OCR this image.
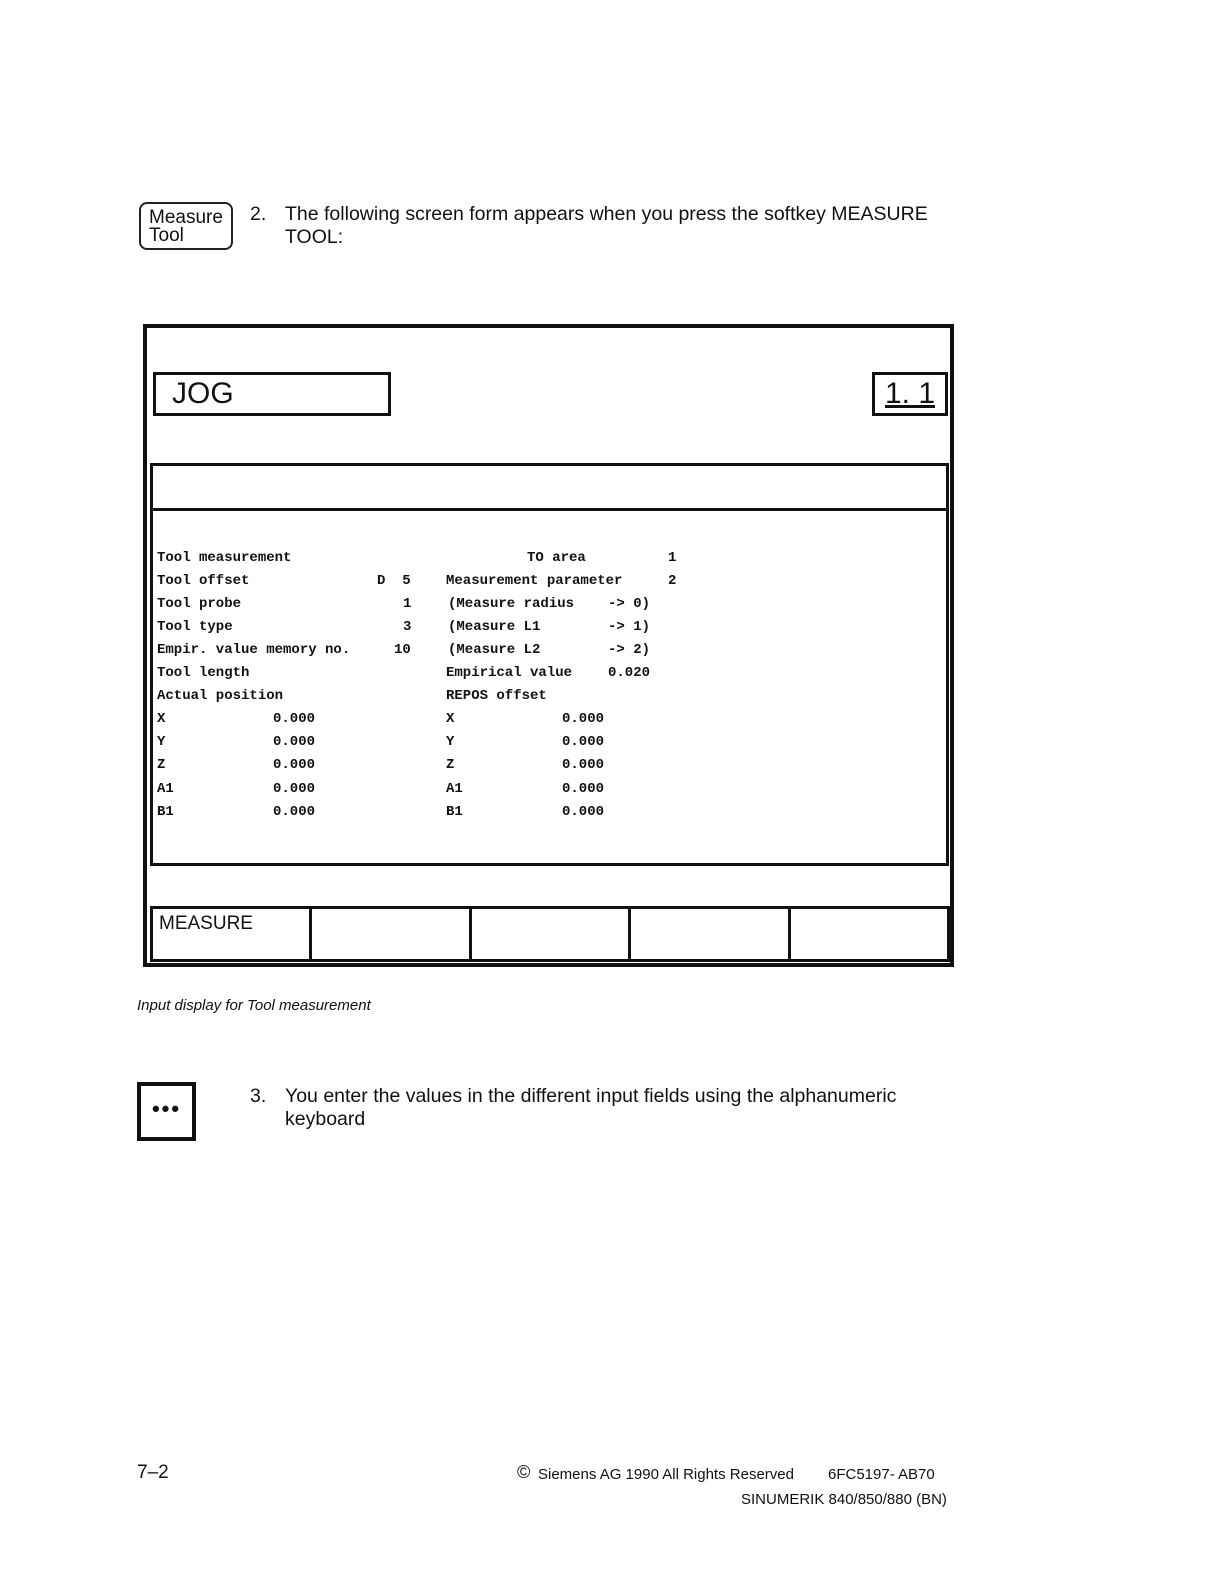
Measure
Tool
2. The following screen form appears when you press the softkey MEASURE
TOOL:
JOG	1. 1
Tool measurement
Tool offset	D  5
Tool probe	1
Tool type	3
Empir. value memory no.	10
Tool length
Actual position
X	0.000
Y	0.000
Z	0.000
A1	0.000
B1	0.000
TO area	1
Measurement parameter	2
(Measure radius -> 0)
(Measure L1	-> 1)
(Measure L2	-> 2)
Empirical value	0.020
REPOS offset
X	0.000
Y	0.000
Z	0.000
A1	0.000
B1	0.000
MEASURE
Input display for Tool measurement
•••	3. You enter the values in the different input fields using the alphanumeric
keyboard
7–2	© Siemens AG 1990 All Rights Reserved 6FC5197- AB70
SINUMERIK 840/850/880 (BN)
